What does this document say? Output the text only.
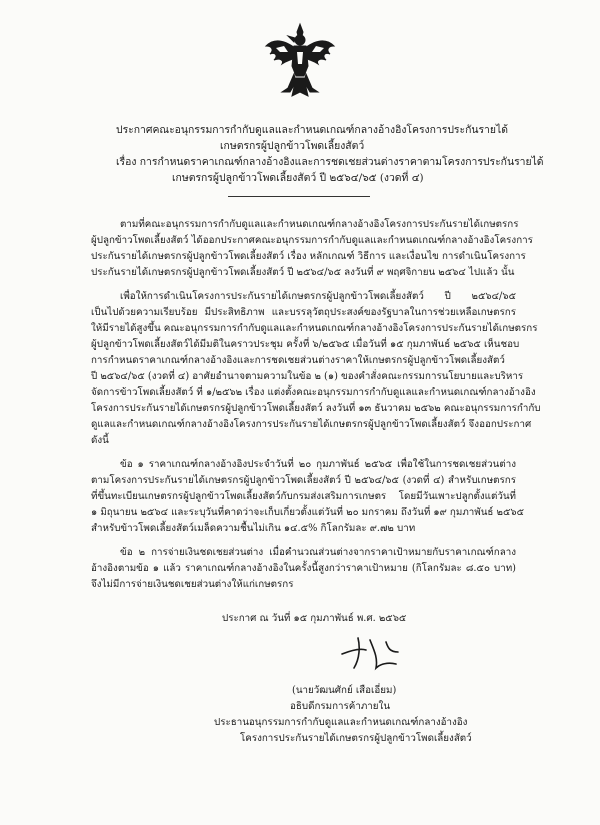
ประกาศคณะอนุกรรมการกำกับดูแลและกำหนดเกณฑ์กลางอ้างอิงโครงการประกันรายได้
เกษตรกรผู้ปลูกข้าวโพดเลี้ยงสัตว์
เรื่อง การกำหนดราคาเกณฑ์กลางอ้างอิงและการชดเชยส่วนต่างราคาตามโครงการประกันรายได้
เกษตรกรผู้ปลูกข้าวโพดเลี้ยงสัตว์ ปี ๒๕๖๔/๖๕ (งวดที่ ๔)
ตามที่คณะอนุกรรมการกำกับดูแลและกำหนดเกณฑ์กลางอ้างอิงโครงการประกันรายได้เกษตรกร
ผู้ปลูกข้าวโพดเลี้ยงสัตว์ ได้ออกประกาศคณะอนุกรรมการกำกับดูแลและกำหนดเกณฑ์กลางอ้างอิงโครงการ
ประกันรายได้เกษตรกรผู้ปลูกข้าวโพดเลี้ยงสัตว์ เรื่อง หลักเกณฑ์ วิธีการ และเงื่อนไข การดำเนินโครงการ
ประกันรายได้เกษตรกรผู้ปลูกข้าวโพดเลี้ยงสัตว์ ปี ๒๕๖๔/๖๕ ลงวันที่ ๙ พฤศจิกายน ๒๕๖๔ ไปแล้ว นั้น
เพื่อให้การดำเนินโครงการประกันรายได้เกษตรกรผู้ปลูกข้าวโพดเลี้ยงสัตว์ ปี ๒๕๖๔/๖๕
เป็นไปด้วยความเรียบร้อย มีประสิทธิภาพ และบรรลุวัตถุประสงค์ของรัฐบาลในการช่วยเหลือเกษตรกร
ให้มีรายได้สูงขึ้น คณะอนุกรรมการกำกับดูแลและกำหนดเกณฑ์กลางอ้างอิงโครงการประกันรายได้เกษตรกร
ผู้ปลูกข้าวโพดเลี้ยงสัตว์ได้มีมติในคราวประชุม ครั้งที่ ๖/๒๕๖๕ เมื่อวันที่ ๑๕ กุมภาพันธ์ ๒๕๖๕ เห็นชอบ
การกำหนดราคาเกณฑ์กลางอ้างอิงและการชดเชยส่วนต่างราคาให้เกษตรกรผู้ปลูกข้าวโพดเลี้ยงสัตว์
ปี ๒๕๖๔/๖๕ (งวดที่ ๔) อาศัยอำนาจตามความในข้อ ๒ (๑) ของคำสั่งคณะกรรมการนโยบายและบริหาร
จัดการข้าวโพดเลี้ยงสัตว์ ที่ ๑/๒๕๖๒ เรื่อง แต่งตั้งคณะอนุกรรมการกำกับดูแลและกำหนดเกณฑ์กลางอ้างอิง
โครงการประกันรายได้เกษตรกรผู้ปลูกข้าวโพดเลี้ยงสัตว์ ลงวันที่ ๑๓ ธันวาคม ๒๕๖๒ คณะอนุกรรมการกำกับ
ดูแลและกำหนดเกณฑ์กลางอ้างอิงโครงการประกันรายได้เกษตรกรผู้ปลูกข้าวโพดเลี้ยงสัตว์ จึงออกประกาศ
ดังนี้
ข้อ ๑ ราคาเกณฑ์กลางอ้างอิงประจำวันที่ ๒๐ กุมภาพันธ์ ๒๕๖๕ เพื่อใช้ในการชดเชยส่วนต่าง
ตามโครงการประกันรายได้เกษตรกรผู้ปลูกข้าวโพดเลี้ยงสัตว์ ปี ๒๕๖๔/๖๕ (งวดที่ ๔) สำหรับเกษตรกร
ที่ขึ้นทะเบียนเกษตรกรผู้ปลูกข้าวโพดเลี้ยงสัตว์กับกรมส่งเสริมการเกษตร โดยมีวันเพาะปลูกตั้งแต่วันที่
๑ มิถุนายน ๒๕๖๔ และระบุวันที่คาดว่าจะเก็บเกี่ยวตั้งแต่วันที่ ๒๐ มกราคม ถึงวันที่ ๑๙ กุมภาพันธ์ ๒๕๖๕
สำหรับข้าวโพดเลี้ยงสัตว์เมล็ดความชื้นไม่เกิน ๑๔.๕% กิโลกรัมละ ๙.๗๒ บาท
ข้อ ๒ การจ่ายเงินชดเชยส่วนต่าง เมื่อคำนวณส่วนต่างจากราคาเป้าหมายกับราคาเกณฑ์กลาง
อ้างอิงตามข้อ ๑ แล้ว ราคาเกณฑ์กลางอ้างอิงในครั้งนี้สูงกว่าราคาเป้าหมาย (กิโลกรัมละ ๘.๕๐ บาท)
จึงไม่มีการจ่ายเงินชดเชยส่วนต่างให้แก่เกษตรกร
ประกาศ ณ วันที่ ๑๕ กุมภาพันธ์ พ.ศ. ๒๕๖๕
(นายวัฒนศักย์ เสือเอี่ยม)
อธิบดีกรมการค้าภายใน
ประธานอนุกรรมการกำกับดูแลและกำหนดเกณฑ์กลางอ้างอิง
โครงการประกันรายได้เกษตรกรผู้ปลูกข้าวโพดเลี้ยงสัตว์
